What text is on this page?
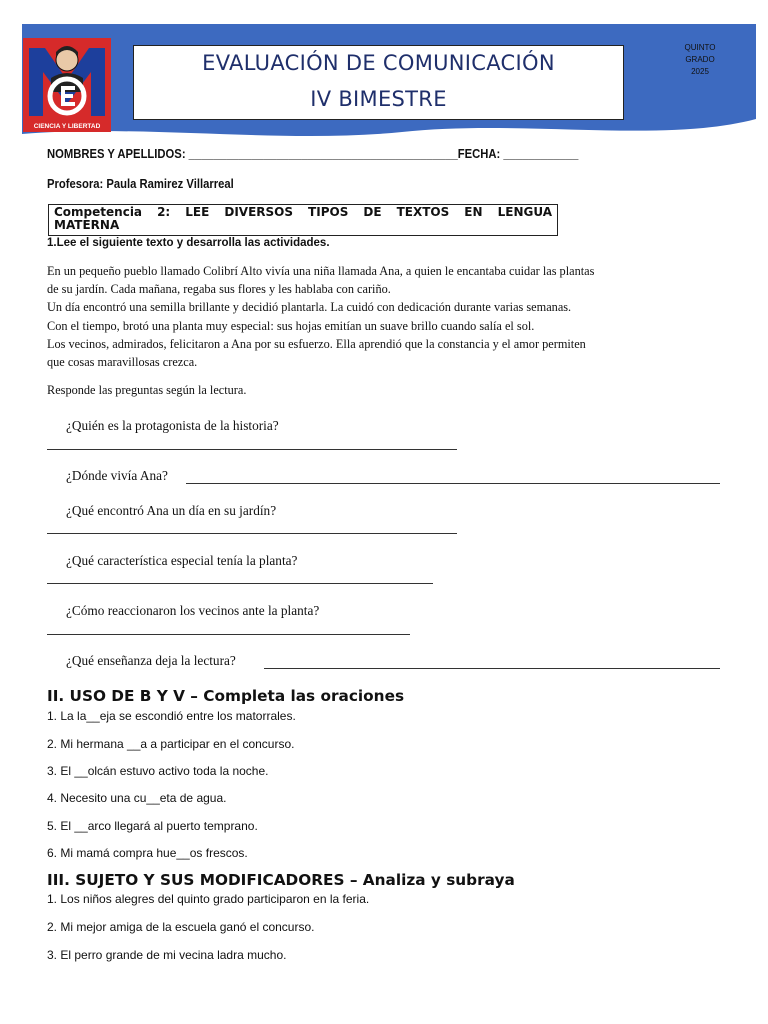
CIENCIA Y LIBERTAD
EVALUACIÓN DE COMUNICACIÓN
IV BIMESTRE
QUINTO
GRADO
2025
NOMBRES Y APELLIDOS: ___________________________________________FECHA: ____________
Profesora: Paula Ramirez Villarreal
Competencia 2: LEE DIVERSOS TIPOS DE TEXTOS EN LENGUA
MATERNA
1.Lee el siguiente texto y desarrolla las actividades.
En un pequeño pueblo llamado Colibrí Alto vivía una niña llamada Ana, a quien le encantaba cuidar las plantas
de su jardín. Cada mañana, regaba sus flores y les hablaba con cariño.
Un día encontró una semilla brillante y decidió plantarla. La cuidó con dedicación durante varias semanas.
Con el tiempo, brotó una planta muy especial: sus hojas emitían un suave brillo cuando salía el sol.
Los vecinos, admirados, felicitaron a Ana por su esfuerzo. Ella aprendió que la constancia y el amor permiten
que cosas maravillosas crezca.
Responde las preguntas según la lectura.
¿Quién es la protagonista de la historia?
¿Dónde vivía Ana?
¿Qué encontró Ana un día en su jardín?
¿Qué característica especial tenía la planta?
¿Cómo reaccionaron los vecinos ante la planta?
¿Qué enseñanza deja la lectura?
II. USO DE B Y V – Completa las oraciones
1. La la__eja se escondió entre los matorrales.
2. Mi hermana __a a participar en el concurso.
3. El __olcán estuvo activo toda la noche.
4. Necesito una cu__eta de agua.
5. El __arco llegará al puerto temprano.
6. Mi mamá compra hue__os frescos.
III. SUJETO Y SUS MODIFICADORES – Analiza y subraya
1. Los niños alegres del quinto grado participaron en la feria.
2. Mi mejor amiga de la escuela ganó el concurso.
3. El perro grande de mi vecina ladra mucho.
